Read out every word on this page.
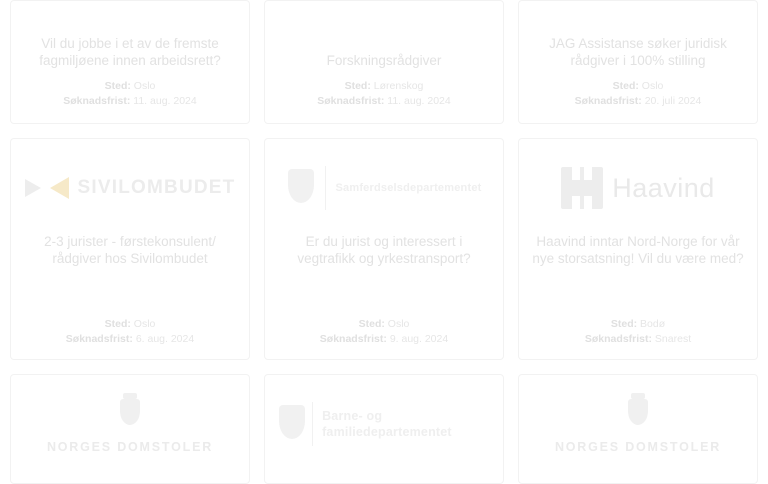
Vil du jobbe i et av de fremste fagmiljøene innen arbeidsrett?
Sted: Oslo
Søknadsfrist: 11. aug. 2024
Forskningsrådgiver
Sted: Lørenskog
Søknadsfrist: 11. aug. 2024
JAG Assistanse søker juridisk rådgiver i 100% stilling
Sted: Oslo
Søknadsfrist: 20. juli 2024
SIVILOMBUDET
2-3 jurister - førstekonsulent/ rådgiver hos Sivilombudet
Sted: Oslo
Søknadsfrist: 6. aug. 2024
Samferdselsdepartementet
Er du jurist og interessert i vegtrafikk og yrkestransport?
Sted: Oslo
Søknadsfrist: 9. aug. 2024
Haavind
Haavind inntar Nord-Norge for vår nye storsatsning! Vil du være med?
Sted: Bodø
Søknadsfrist: Snarest
NORGES DOMSTOLER
Barne- og familiedepartementet
NORGES DOMSTOLER
